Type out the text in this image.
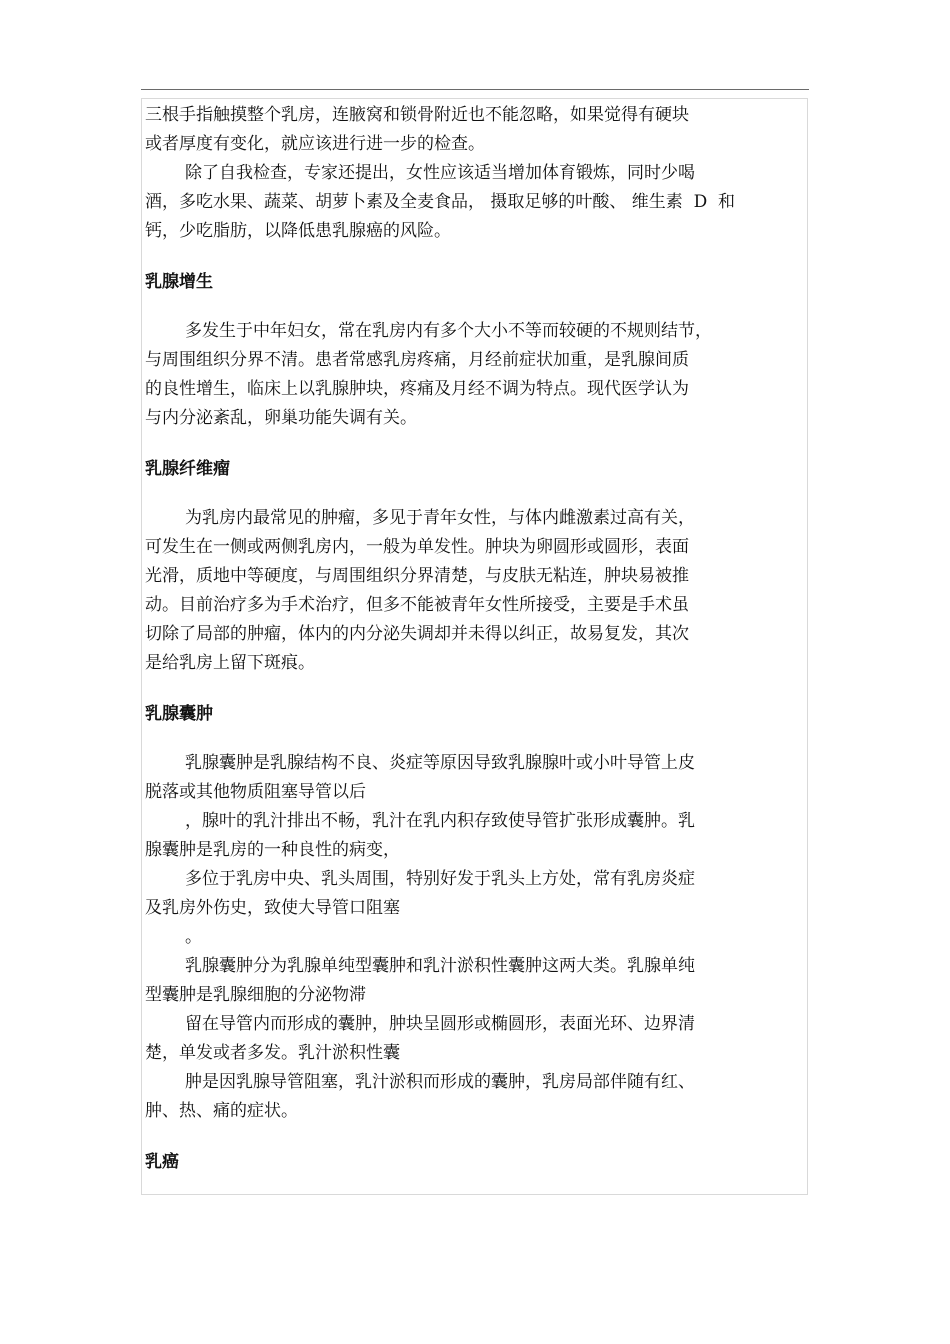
三根手指触摸整个乳房，连腋窝和锁骨附近也不能忽略，如果觉得有硬块

或者厚度有变化，就应该进行进一步的检查。

除了自我检查，专家还提出，女性应该适当增加体育锻炼，同时少喝

酒，多吃水果、蔬菜、胡萝卜素及全麦食品， 摄取足够的叶酸、 维生素  D  和

钙，少吃脂肪，以降低患乳腺癌的风险。

乳腺增生

多发生于中年妇女，常在乳房内有多个大小不等而较硬的不规则结节，

与周围组织分界不清。患者常感乳房疼痛，月经前症状加重，是乳腺间质

的良性增生，临床上以乳腺肿块，疼痛及月经不调为特点。现代医学认为

与内分泌紊乱，卵巢功能失调有关。

乳腺纤维瘤

为乳房内最常见的肿瘤，多见于青年女性，与体内雌激素过高有关，

可发生在一侧或两侧乳房内，一般为单发性。肿块为卵圆形或圆形，表面

光滑，质地中等硬度，与周围组织分界清楚，与皮肤无粘连，肿块易被推

动。目前治疗多为手术治疗，但多不能被青年女性所接受，主要是手术虽

切除了局部的肿瘤，体内的内分泌失调却并未得以纠正，故易复发，其次

是给乳房上留下斑痕。

乳腺囊肿

乳腺囊肿是乳腺结构不良、炎症等原因导致乳腺腺叶或小叶导管上皮

脱落或其他物质阻塞导管以后

，腺叶的乳汁排出不畅，乳汁在乳内积存致使导管扩张形成囊肿。乳

腺囊肿是乳房的一种良性的病变，

多位于乳房中央、乳头周围，特别好发于乳头上方处，常有乳房炎症

及乳房外伤史，致使大导管口阻塞

。

乳腺囊肿分为乳腺单纯型囊肿和乳汁淤积性囊肿这两大类。乳腺单纯

型囊肿是乳腺细胞的分泌物滞

留在导管内而形成的囊肿，肿块呈圆形或椭圆形，表面光环、边界清

楚，单发或者多发。乳汁淤积性囊

肿是因乳腺导管阻塞，乳汁淤积而形成的囊肿，乳房局部伴随有红、

肿、热、痛的症状。

乳癌
